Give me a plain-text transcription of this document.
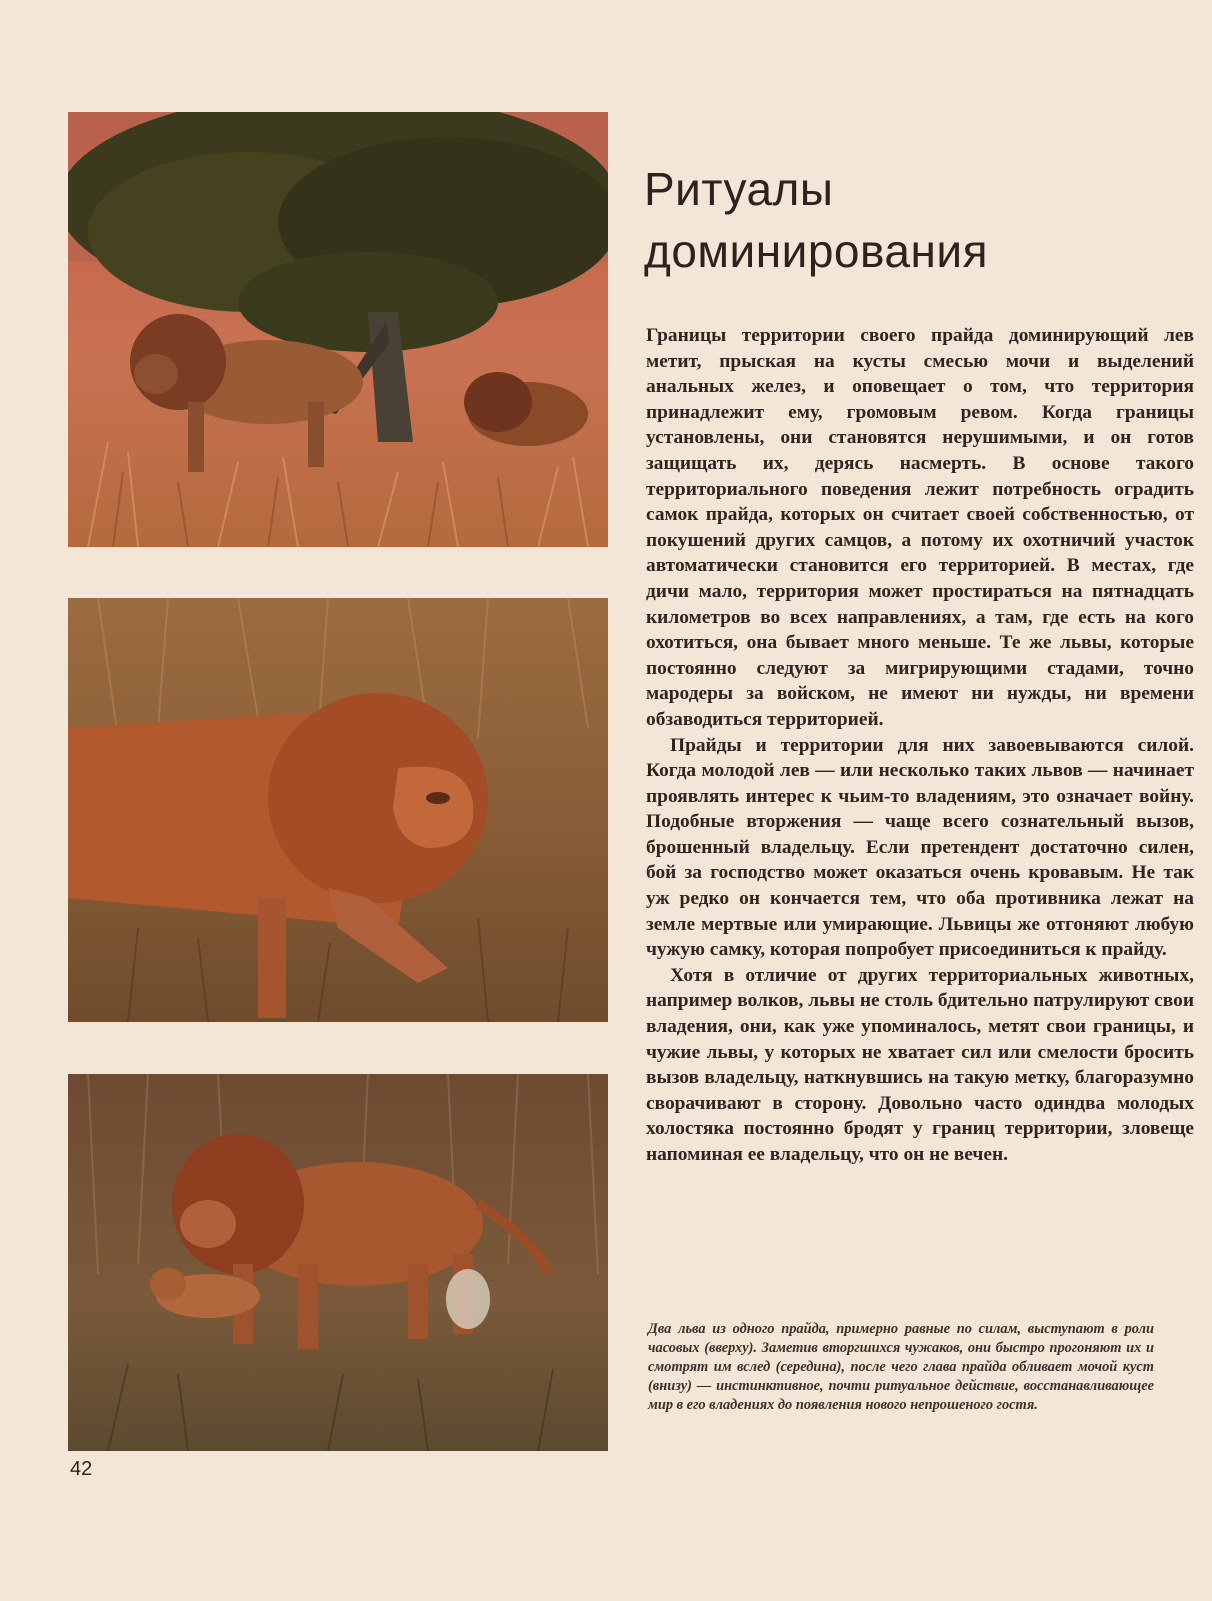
Ритуалы
доминирования

Границы территории своего прайда доминирующий лев метит, прыская на кусты смесью мочи и выделений анальных желез, и оповещает о том, что территория принадлежит ему, громовым ревом. Когда границы установлены, они становятся нерушимыми, и он готов защищать их, дерясь насмерть. В основе такого территориального поведения лежит потребность оградить самок прайда, которых он считает своей собственностью, от покушений других самцов, а потому их охотничий участок автоматически становится его территорией. В местах, где дичи мало, территория может простираться на пятнадцать километров во всех направлениях, а там, где есть на кого охотиться, она бывает много меньше. Те же львы, которые постоянно следуют за мигрирующими стадами, точно мародеры за войском, не имеют ни нужды, ни времени обзаводиться территорией.

Прайды и территории для них завоевываются силой. Когда молодой лев — или несколько таких львов — начинает проявлять интерес к чьим-то владениям, это означает войну. Подобные вторжения — чаще всего сознательный вызов, брошенный владельцу. Если претендент достаточно силен, бой за господство может оказаться очень кровавым. Не так уж редко он кончается тем, что оба противника лежат на земле мертвые или умирающие. Львицы же отгоняют любую чужую самку, которая попробует присоединиться к прайду.

Хотя в отличие от других территориальных животных, например волков, львы не столь бдительно патрулируют свои владения, они, как уже упоминалось, метят свои границы, и чужие львы, у которых не хватает сил или смелости бросить вызов владельцу, наткнувшись на такую метку, благоразумно сворачивают в сторону. Довольно часто одиндва молодых холостяка постоянно бродят у границ территории, зловеще напоминая ее владельцу, что он не вечен.

Два льва из одного прайда, примерно равные по силам, выступают в роли часовых (вверху). Заметив вторгшихся чужаков, они быстро прогоняют их и смотрят им вслед (середина), после чего глава прайда обливает мочой куст (внизу) — инстинктивное, почти ритуальное действие, восстанавливающее мир в его владениях до появления нового непрошеного гостя.
42
